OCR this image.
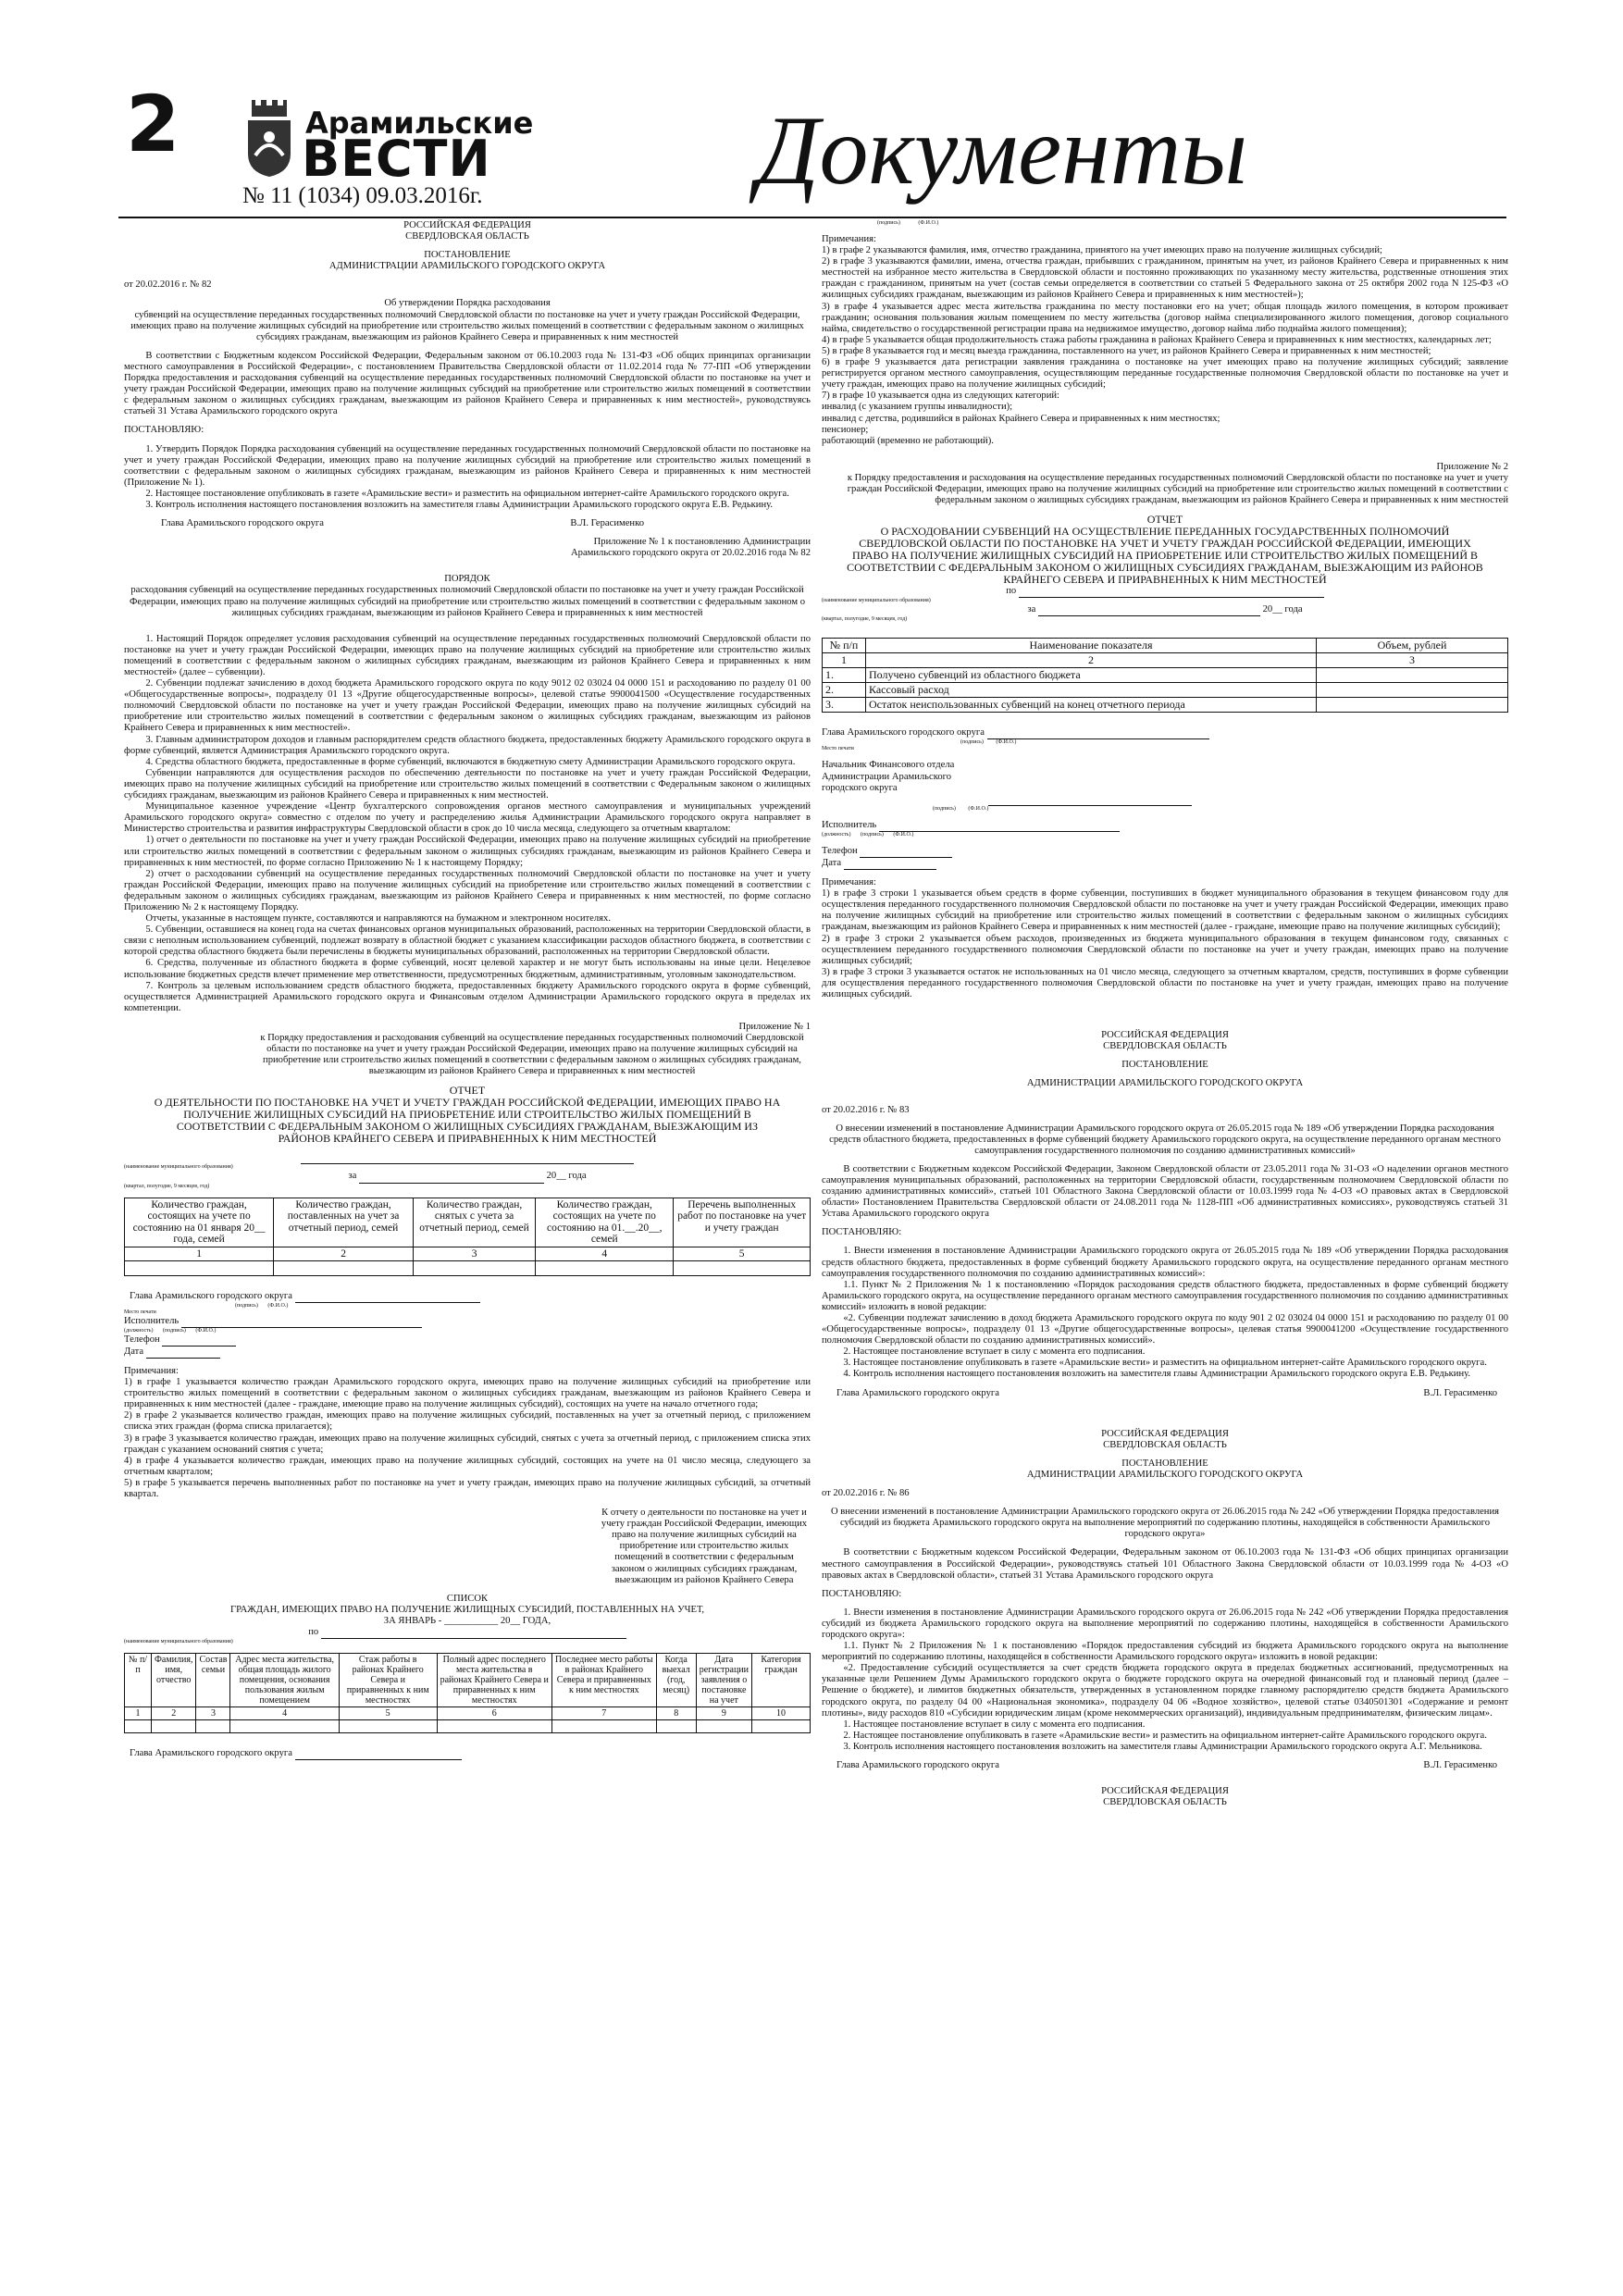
2	Арамильские
ВЕСТИ
№ 11 (1034) 09.03.2016г.	Документы

РОССИЙСКАЯ ФЕДЕРАЦИЯ

СВЕРДЛОВСКАЯ ОБЛАСТЬ

ПОСТАНОВЛЕНИЕ

АДМИНИСТРАЦИИ АРАМИЛЬСКОГО ГОРОДСКОГО ОКРУГА

от 20.02.2016 г. № 82

Об утверждении Порядка расходования

субвенций на осуществление переданных государственных полномочий Свердловской области по постановке на учет и учету граждан Российской Федерации, имеющих право на получение жилищных субсидий на приобретение или строительство жилых помещений в соответствии с федеральным законом о жилищных субсидиях гражданам, выезжающим из районов Крайнего Севера и приравненных к ним местностей

В соответствии с Бюджетным кодексом Российской Федерации, Федеральным законом от 06.10.2003 года № 131-ФЗ «Об общих принципах организации местного самоуправления в Российской Федерации», с постановлением Правительства Свердловской области от 11.02.2014 года № 77-ПП «Об утверждении Порядка предоставления и расходования субвенций на осуществление переданных государственных полномочий Свердловской области по постановке на учет и учету граждан Российской Федерации, имеющих право на получение жилищных субсидий на приобретение или строительство жилых помещений в соответствии с федеральным законом о жилищных субсидиях гражданам, выезжающим из районов Крайнего Севера и приравненных к ним местностей», руководствуясь статьей 31 Устава Арамильского городского округа

ПОСТАНОВЛЯЮ:

1. Утвердить Порядок Порядка расходования субвенций на осуществление переданных государственных полномочий Свердловской области по постановке на учет и учету граждан Российской Федерации, имеющих право на получение жилищных субсидий на приобретение или строительство жилых помещений в соответствии с федеральным законом о жилищных субсидиях гражданам, выезжающим из районов Крайнего Севера и приравненных к ним местностей (Приложение № 1).

2. Настоящее постановление опубликовать в газете «Арамильские вести» и разместить на официальном интернет-сайте Арамильского городского округа.

3. Контроль исполнения настоящего постановления возложить на заместителя главы Администрации Арамильского городского округа Е.В. Редькину.

Глава Арамильского городского округа	В.Л. Герасименко

Приложение № 1 к постановлению Администрации Арамильского городского округа от 20.02.2016 года № 82

ПОРЯДОК

расходования субвенций на осуществление переданных государственных полномочий Свердловской области по постановке на учет и учету граждан Российской Федерации, имеющих право на получение жилищных субсидий на приобретение или строительство жилых помещений в соответствии с федеральным законом о жилищных субсидиях гражданам, выезжающим из районов Крайнего Севера и приравненных к ним местностей

1. Настоящий Порядок определяет условия расходования субвенций на осуществление переданных государственных полномочий Свердловской области по постановке на учет и учету граждан Российской Федерации, имеющих право на получение жилищных субсидий на приобретение или строительство жилых помещений в соответствии с федеральным законом о жилищных субсидиях гражданам, выезжающим из районов Крайнего Севера и приравненных к ним местностей» (далее – субвенции).

2. Субвенции подлежат зачислению в доход бюджета Арамильского городского округа по коду 9012 02 03024 04 0000 151 и расходованию по разделу 01 00 «Общегосударственные вопросы», подразделу 01 13 «Другие общегосударственные вопросы», целевой статье 9900041500 «Осуществление государственных полномочий Свердловской области по постановке на учет и учету граждан Российской Федерации, имеющих право на получение жилищных субсидий на приобретение или строительство жилых помещений в соответствии с федеральным законом о жилищных субсидиях гражданам, выезжающим из районов Крайнего Севера и приравненных к ним местностей».

3. Главным администратором доходов и главным распорядителем средств областного бюджета, предоставленных бюджету Арамильского городского округа в форме субвенций, является Администрация Арамильского городского округа.

4. Средства областного бюджета, предоставленные в форме субвенций, включаются в бюджетную смету Администрации Арамильского городского округа.

Субвенции направляются для осуществления расходов по обеспечению деятельности по постановке на учет и учету граждан Российской Федерации, имеющих право на получение жилищных субсидий на приобретение или строительство жилых помещений в соответствии с Федеральным законом о жилищных субсидиях гражданам, выезжающим из районов Крайнего Севера и приравненных к ним местностей.

Муниципальное казенное учреждение «Центр бухгалтерского сопровождения органов местного самоуправления и муниципальных учреждений Арамильского городского округа» совместно с отделом по учету и распределению жилья Администрации Арамильского городского округа направляет в Министерство строительства и развития инфраструктуры Свердловской области в срок до 10 числа месяца, следующего за отчетным кварталом:

1) отчет о деятельности по постановке на учет и учету граждан Российской Федерации, имеющих право на получение жилищных субсидий на приобретение или строительство жилых помещений в соответствии с федеральным законом о жилищных субсидиях гражданам, выезжающим из районов Крайнего Севера и приравненных к ним местностей, по форме согласно Приложению № 1 к настоящему Порядку;

2) отчет о расходовании субвенций на осуществление переданных государственных полномочий Свердловской области по постановке на учет и учету граждан Российской Федерации, имеющих право на получение жилищных субсидий на приобретение или строительство жилых помещений в соответствии с федеральным законом о жилищных субсидиях гражданам, выезжающим из районов Крайнего Севера и приравненных к ним местностей, по форме согласно Приложению № 2 к настоящему Порядку.

Отчеты, указанные в настоящем пункте, составляются и направляются на бумажном и электронном носителях.

5. Субвенции, оставшиеся на конец года на счетах финансовых органов муниципальных образований, расположенных на территории Свердловской области, в связи с неполным использованием субвенций, подлежат возврату в областной бюджет с указанием классификации расходов областного бюджета, в соответствии с которой средства областного бюджета были перечислены в бюджеты муниципальных образований, расположенных на территории Свердловской области.

6. Средства, полученные из областного бюджета в форме субвенций, носят целевой характер и не могут быть использованы на иные цели. Нецелевое использование бюджетных средств влечет применение мер ответственности, предусмотренных бюджетным, административным, уголовным законодательством.

7. Контроль за целевым использованием средств областного бюджета, предоставленных бюджету Арамильского городского округа в форме субвенций, осуществляется Администрацией Арамильского городского округа и Финансовым отделом Администрации Арамильского городского округа в пределах их компетенции.

Приложение № 1

к Порядку предоставления и расходования субвенций на осуществление переданных государственных полномочий Свердловской области по постановке на учет и учету граждан Российской Федерации, имеющих право на получение жилищных субсидий на приобретение или строительство жилых помещений в соответствии с федеральным законом о жилищных субсидиях гражданам, выезжающим из районов Крайнего Севера и приравненных к ним местностей

ОТЧЕТ

О ДЕЯТЕЛЬНОСТИ ПО ПОСТАНОВКЕ НА УЧЕТ И УЧЕТУ ГРАЖДАН РОССИЙСКОЙ ФЕДЕРАЦИИ, ИМЕЮЩИХ ПРАВО НА ПОЛУЧЕНИЕ ЖИЛИЩНЫХ СУБСИДИЙ НА ПРИОБРЕТЕНИЕ ИЛИ СТРОИТЕЛЬСТВО ЖИЛЫХ ПОМЕЩЕНИЙ В СООТВЕТСТВИИ С ФЕДЕРАЛЬНЫМ ЗАКОНОМ О ЖИЛИЩНЫХ СУБСИДИЯХ ГРАЖДАНАМ, ВЫЕЗЖАЮЩИМ ИЗ РАЙОНОВ КРАЙНЕГО СЕВЕРА И ПРИРАВНЕННЫХ К НИМ МЕСТНОСТЕЙ

(наименование муниципального образования)

за	20__ года

(квартал, полугодие, 9 месяцев, год)

Количество граждан, состоящих на учете по состоянию на 01 января 20__ года, семей	Количество граждан, поставленных на учет за отчетный период, семей	Количество граждан, снятых с учета за отчетный период, семей	Количество граждан, состоящих на учете по состоянию на 01.__.20__, семей	Перечень выполненных работ по постановке на учет и учету граждан
1	2	3	4	5

Глава Арамильского городского округа

(подпись) (Ф.И.О.)

Место печати

Исполнитель

(должность) (подпись) (Ф.И.О.)

Телефон

Дата

Примечания:

1) в графе 1 указывается количество граждан Арамильского городского округа, имеющих право на получение жилищных субсидий на приобретение или строительство жилых помещений в соответствии с федеральным законом о жилищных субсидиях гражданам, выезжающим из районов Крайнего Севера и приравненных к ним местностей (далее - граждане, имеющие право на получение жилищных субсидий), состоящих на учете на начало отчетного года;

2) в графе 2 указывается количество граждан, имеющих право на получение жилищных субсидий, поставленных на учет за отчетный период, с приложением списка этих граждан (форма списка прилагается);

3) в графе 3 указывается количество граждан, имеющих право на получение жилищных субсидий, снятых с учета за отчетный период, с приложением списка этих граждан с указанием оснований снятия с учета;

4) в графе 4 указывается количество граждан, имеющих право на получение жилищных субсидий, состоящих на учете на 01 число месяца, следующего за отчетным кварталом;

5) в графе 5 указывается перечень выполненных работ по постановке на учет и учету граждан, имеющих право на получение жилищных субсидий, за отчетный квартал.

К отчету о деятельности по постановке на учет и учету граждан Российской Федерации, имеющих право на получение жилищных субсидий на приобретение или строительство жилых помещений в соответствии с федеральным законом о жилищных субсидиях гражданам, выезжающим из районов Крайнего Севера

СПИСОК

ГРАЖДАН, ИМЕЮЩИХ ПРАВО НА ПОЛУЧЕНИЕ ЖИЛИЩНЫХ СУБСИДИЙ, ПОСТАВЛЕННЫХ НА УЧЕТ,

ЗА ЯНВАРЬ - ___________ 20__ ГОДА,

по

(наименование муниципального образования)

№ п/п	Фамилия, имя, отчество	Состав семьи	Адрес места жительства, общая площадь жилого помещения, основания пользования жилым помещением	Стаж работы в районах Крайнего Севера и приравненных к ним местностях	Полный адрес последнего места жительства в районах Крайнего Севера и приравненных к ним местностях	Последнее место работы в районах Крайнего Севера и приравненных к ним местностях	Когда выехал (год, месяц)	Дата регистрации заявления о постановке на учет	Категория граждан
1	2	3	4	5	6	7	8	9	10

Глава Арамильского городского округа

(подпись)	(Ф.И.О.)

Примечания:

1) в графе 2 указываются фамилия, имя, отчество гражданина, принятого на учет имеющих право на получение жилищных субсидий;

2) в графе 3 указываются фамилии, имена, отчества граждан, прибывших с гражданином, принятым на учет, из районов Крайнего Севера и приравненных к ним местностей на избранное место жительства в Свердловской области и постоянно проживающих по указанному месту жительства, родственные отношения этих граждан с гражданином, принятым на учет (состав семьи определяется в соответствии со статьей 5 Федерального закона от 25 октября 2002 года N 125-ФЗ «О жилищных субсидиях гражданам, выезжающим из районов Крайнего Севера и приравненных к ним местностей»);

3) в графе 4 указывается адрес места жительства гражданина по месту постановки его на учет; общая площадь жилого помещения, в котором проживает гражданин; основания пользования жилым помещением по месту жительства (договор найма специализированного жилого помещения, договор социального найма, свидетельство о государственной регистрации права на недвижимое имущество, договор найма либо поднайма жилого помещения);

4) в графе 5 указывается общая продолжительность стажа работы гражданина в районах Крайнего Севера и приравненных к ним местностях, календарных лет;

5) в графе 8 указывается год и месяц выезда гражданина, поставленного на учет, из районов Крайнего Севера и приравненных к ним местностей;

6) в графе 9 указывается дата регистрации заявления гражданина о постановке на учет имеющих право на получение жилищных субсидий; заявление регистрируется органом местного самоуправления, осуществляющим переданные государственные полномочия Свердловской области по постановке на учет и учету граждан, имеющих право на получение жилищных субсидий;

7) в графе 10 указывается одна из следующих категорий:

инвалид (с указанием группы инвалидности);

инвалид с детства, родившийся в районах Крайнего Севера и приравненных к ним местностях;

пенсионер;

работающий (временно не работающий).

Приложение № 2

к Порядку предоставления и расходования на осуществление переданных государственных полномочий Свердловской области по постановке на учет и учету граждан Российской Федерации, имеющих право на получение жилищных субсидий на приобретение или строительство жилых помещений в соответствии с федеральным законом о жилищных субсидиях гражданам, выезжающим из районов Крайнего Севера и приравненных к ним местностей

ОТЧЕТ

О РАСХОДОВАНИИ СУБВЕНЦИЙ НА ОСУЩЕСТВЛЕНИЕ ПЕРЕДАННЫХ ГОСУДАРСТВЕННЫХ ПОЛНОМОЧИЙ СВЕРДЛОВСКОЙ ОБЛАСТИ ПО ПОСТАНОВКЕ НА УЧЕТ И УЧЕТУ ГРАЖДАН РОССИЙСКОЙ ФЕДЕРАЦИИ, ИМЕЮЩИХ ПРАВО НА ПОЛУЧЕНИЕ ЖИЛИЩНЫХ СУБСИДИЙ НА ПРИОБРЕТЕНИЕ ИЛИ СТРОИТЕЛЬСТВО ЖИЛЫХ ПОМЕЩЕНИЙ В СООТВЕТСТВИИ С ФЕДЕРАЛЬНЫМ ЗАКОНОМ О ЖИЛИЩНЫХ СУБСИДИЯХ ГРАЖДАНАМ, ВЫЕЗЖАЮЩИМ ИЗ РАЙОНОВ КРАЙНЕГО СЕВЕРА И ПРИРАВНЕННЫХ К НИМ МЕСТНОСТЕЙ

по

(наименование муниципального образования)

за	20__ года

(квартал, полугодие, 9 месяцев, год)

№ п/п	Наименование показателя	Объем, рублей
1	2	3
1.	Получено субвенций из областного бюджета	
2.	Кассовый расход	
3.	Остаток неиспользованных субвенций на конец отчетного периода	

Глава Арамильского городского округа

(подпись) (Ф.И.О.)

Место печати

Начальник Финансового отдела Администрации Арамильского городского округа

(подпись) (Ф.И.О.)

Исполнитель

(должность) (подпись) (Ф.И.О.)

Телефон

Дата

Примечания:

1) в графе 3 строки 1 указывается объем средств в форме субвенции, поступивших в бюджет муниципального образования в текущем финансовом году для осуществления переданного государственного полномочия Свердловской области по постановке на учет и учету граждан Российской Федерации, имеющих право на получение жилищных субсидий на приобретение или строительство жилых помещений в соответствии с федеральным законом о жилищных субсидиях гражданам, выезжающим из районов Крайнего Севера и приравненных к ним местностей (далее - граждане, имеющие право на получение жилищных субсидий);

2) в графе 3 строки 2 указывается объем расходов, произведенных из бюджета муниципального образования в текущем финансовом году, связанных с осуществлением переданного государственного полномочия Свердловской области по постановке на учет и учету граждан, имеющих право на получение жилищных субсидий;

3) в графе 3 строки 3 указывается остаток не использованных на 01 число месяца, следующего за отчетным кварталом, средств, поступивших в форме субвенции для осуществления переданного государственного полномочия Свердловской области по постановке на учет и учету граждан, имеющих право на получение жилищных субсидий.

РОССИЙСКАЯ ФЕДЕРАЦИЯ

СВЕРДЛОВСКАЯ ОБЛАСТЬ

ПОСТАНОВЛЕНИЕ

АДМИНИСТРАЦИИ АРАМИЛЬСКОГО ГОРОДСКОГО ОКРУГА

от 20.02.2016 г. № 83

О внесении изменений в постановление Администрации Арамильского городского округа от 26.05.2015 года № 189 «Об утверждении Порядка расходования средств областного бюджета, предоставленных в форме субвенций бюджету Арамильского городского округа, на осуществление переданного органам местного самоуправления государственного полномочия по созданию административных комиссий»

В соответствии с Бюджетным кодексом Российской Федерации, Законом Свердловской области от 23.05.2011 года № 31-ОЗ «О наделении органов местного самоуправления муниципальных образований, расположенных на территории Свердловской области, государственным полномочием Свердловской области по созданию административных комиссий», статьей 101 Областного Закона Свердловской области от 10.03.1999 года № 4-ОЗ «О правовых актах в Свердловской области» Постановлением Правительства Свердловской области от 24.08.2011 года № 1128-ПП «Об административных комиссиях», руководствуясь статьей 31 Устава Арамильского городского округа

ПОСТАНОВЛЯЮ:

1. Внести изменения в постановление Администрации Арамильского городского округа от 26.05.2015 года № 189 «Об утверждении Порядка расходования средств областного бюджета, предоставленных в форме субвенций бюджету Арамильского городского округа, на осуществление переданного органам местного самоуправления государственного полномочия по созданию административных комиссий»:

1.1. Пункт № 2 Приложения № 1 к постановлению «Порядок расходования средств областного бюджета, предоставленных в форме субвенций бюджету Арамильского городского округа, на осуществление переданного органам местного самоуправления государственного полномочия по созданию административных комиссий» изложить в новой редакции:

«2. Субвенции подлежат зачислению в доход бюджета Арамильского городского округа по коду 901 2 02 03024 04 0000 151 и расходованию по разделу 01 00 «Общегосударственные вопросы», подразделу 01 13 «Другие общегосударственные вопросы», целевая статья 9900041200 «Осуществление государственного полномочия Свердловской области по созданию административных комиссий».

2. Настоящее постановление вступает в силу с момента его подписания.

3. Настоящее постановление опубликовать в газете «Арамильские вести» и разместить на официальном интернет-сайте Арамильского городского округа.

4. Контроль исполнения настоящего постановления возложить на заместителя главы Администрации Арамильского городского округа Е.В. Редькину.

Глава Арамильского городского округа	В.Л. Герасименко

РОССИЙСКАЯ ФЕДЕРАЦИЯ

СВЕРДЛОВСКАЯ ОБЛАСТЬ

ПОСТАНОВЛЕНИЕ

АДМИНИСТРАЦИИ АРАМИЛЬСКОГО ГОРОДСКОГО ОКРУГА

от 20.02.2016 г. № 86

О внесении изменений в постановление Администрации Арамильского городского округа от 26.06.2015 года № 242 «Об утверждении Порядка предоставления субсидий из бюджета Арамильского городского округа на выполнение мероприятий по содержанию плотины, находящейся в собственности Арамильского городского округа»

В соответствии с Бюджетным кодексом Российской Федерации, Федеральным законом от 06.10.2003 года № 131-ФЗ «Об общих принципах организации местного самоуправления в Российской Федерации», руководствуясь статьей 101 Областного Закона Свердловской области от 10.03.1999 года № 4-ОЗ «О правовых актах в Свердловской области», статьей 31 Устава Арамильского городского округа

ПОСТАНОВЛЯЮ:

1. Внести изменения в постановление Администрации Арамильского городского округа от 26.06.2015 года № 242 «Об утверждении Порядка предоставления субсидий из бюджета Арамильского городского округа на выполнение мероприятий по содержанию плотины, находящейся в собственности Арамильского городского округа»:

1.1. Пункт № 2 Приложения № 1 к постановлению «Порядок предоставления субсидий из бюджета Арамильского городского округа на выполнение мероприятий по содержанию плотины, находящейся в собственности Арамильского городского округа» изложить в новой редакции:

«2. Предоставление субсидий осуществляется за счет средств бюджета городского округа в пределах бюджетных ассигнований, предусмотренных на указанные цели Решением Думы Арамильского городского округа о бюджете городского округа на очередной финансовый год и плановый период (далее – Решение о бюджете), и лимитов бюджетных обязательств, утвержденных в установленном порядке главному распорядителю средств бюджета Арамильского городского округа, по разделу 04 00 «Национальная экономика», подразделу 04 06 «Водное хозяйство», целевой статье 0340501301 «Содержание и ремонт плотины», виду расходов 810 «Субсидии юридическим лицам (кроме некоммерческих организаций), индивидуальным предпринимателям, физическим лицам».

1. Настоящее постановление вступает в силу с момента его подписания.

2. Настоящее постановление опубликовать в газете «Арамильские вести» и разместить на официальном интернет-сайте Арамильского городского округа.

3. Контроль исполнения настоящего постановления возложить на заместителя главы Администрации Арамильского городского округа А.Г. Мельникова.

Глава Арамильского городского округа	В.Л. Герасименко

РОССИЙСКАЯ ФЕДЕРАЦИЯ

СВЕРДЛОВСКАЯ ОБЛАСТЬ
